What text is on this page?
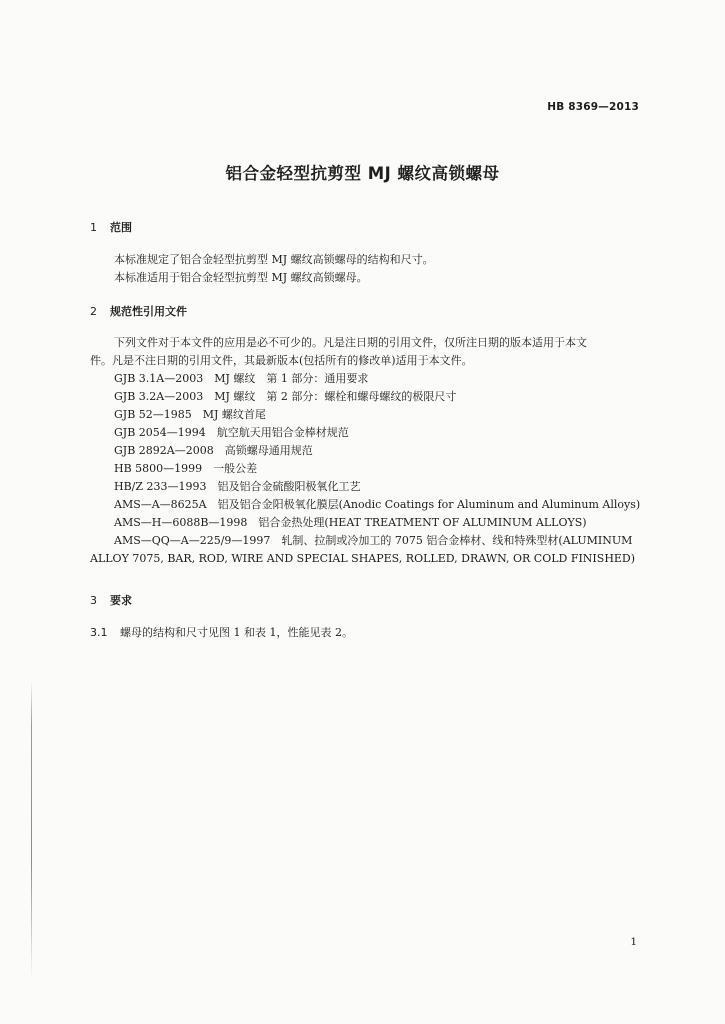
HB 8369—2013
铝合金轻型抗剪型 MJ 螺纹高锁螺母
1 范围
本标准规定了铝合金轻型抗剪型 MJ 螺纹高锁螺母的结构和尺寸。
本标准适用于铝合金轻型抗剪型 MJ 螺纹高锁螺母。
2 规范性引用文件
下列文件对于本文件的应用是必不可少的。凡是注日期的引用文件，仅所注日期的版本适用于本文
件。凡是不注日期的引用文件，其最新版本(包括所有的修改单)适用于本文件。
GJB 3.1A—2003　MJ 螺纹　第 1 部分：通用要求
GJB 3.2A—2003　MJ 螺纹　第 2 部分：螺栓和螺母螺纹的极限尺寸
GJB 52—1985　MJ 螺纹首尾
GJB 2054—1994　航空航天用铝合金棒材规范
GJB 2892A—2008　高锁螺母通用规范
HB 5800—1999　一般公差
HB/Z 233—1993　铝及铝合金硫酸阳极氧化工艺
AMS—A—8625A　铝及铝合金阳极氧化膜层(Anodic Coatings for Aluminum and Aluminum Alloys)
AMS—H—6088B—1998　铝合金热处理(HEAT TREATMENT OF ALUMINUM ALLOYS)
AMS—QQ—A—225/9—1997　轧制、拉制或冷加工的 7075 铝合金棒材、线和特殊型材(ALUMINUM
ALLOY 7075, BAR, ROD, WIRE AND SPECIAL SHAPES, ROLLED, DRAWN, OR COLD FINISHED)
3 要求
3.1 螺母的结构和尺寸见图 1 和表 1，性能见表 2。
1
